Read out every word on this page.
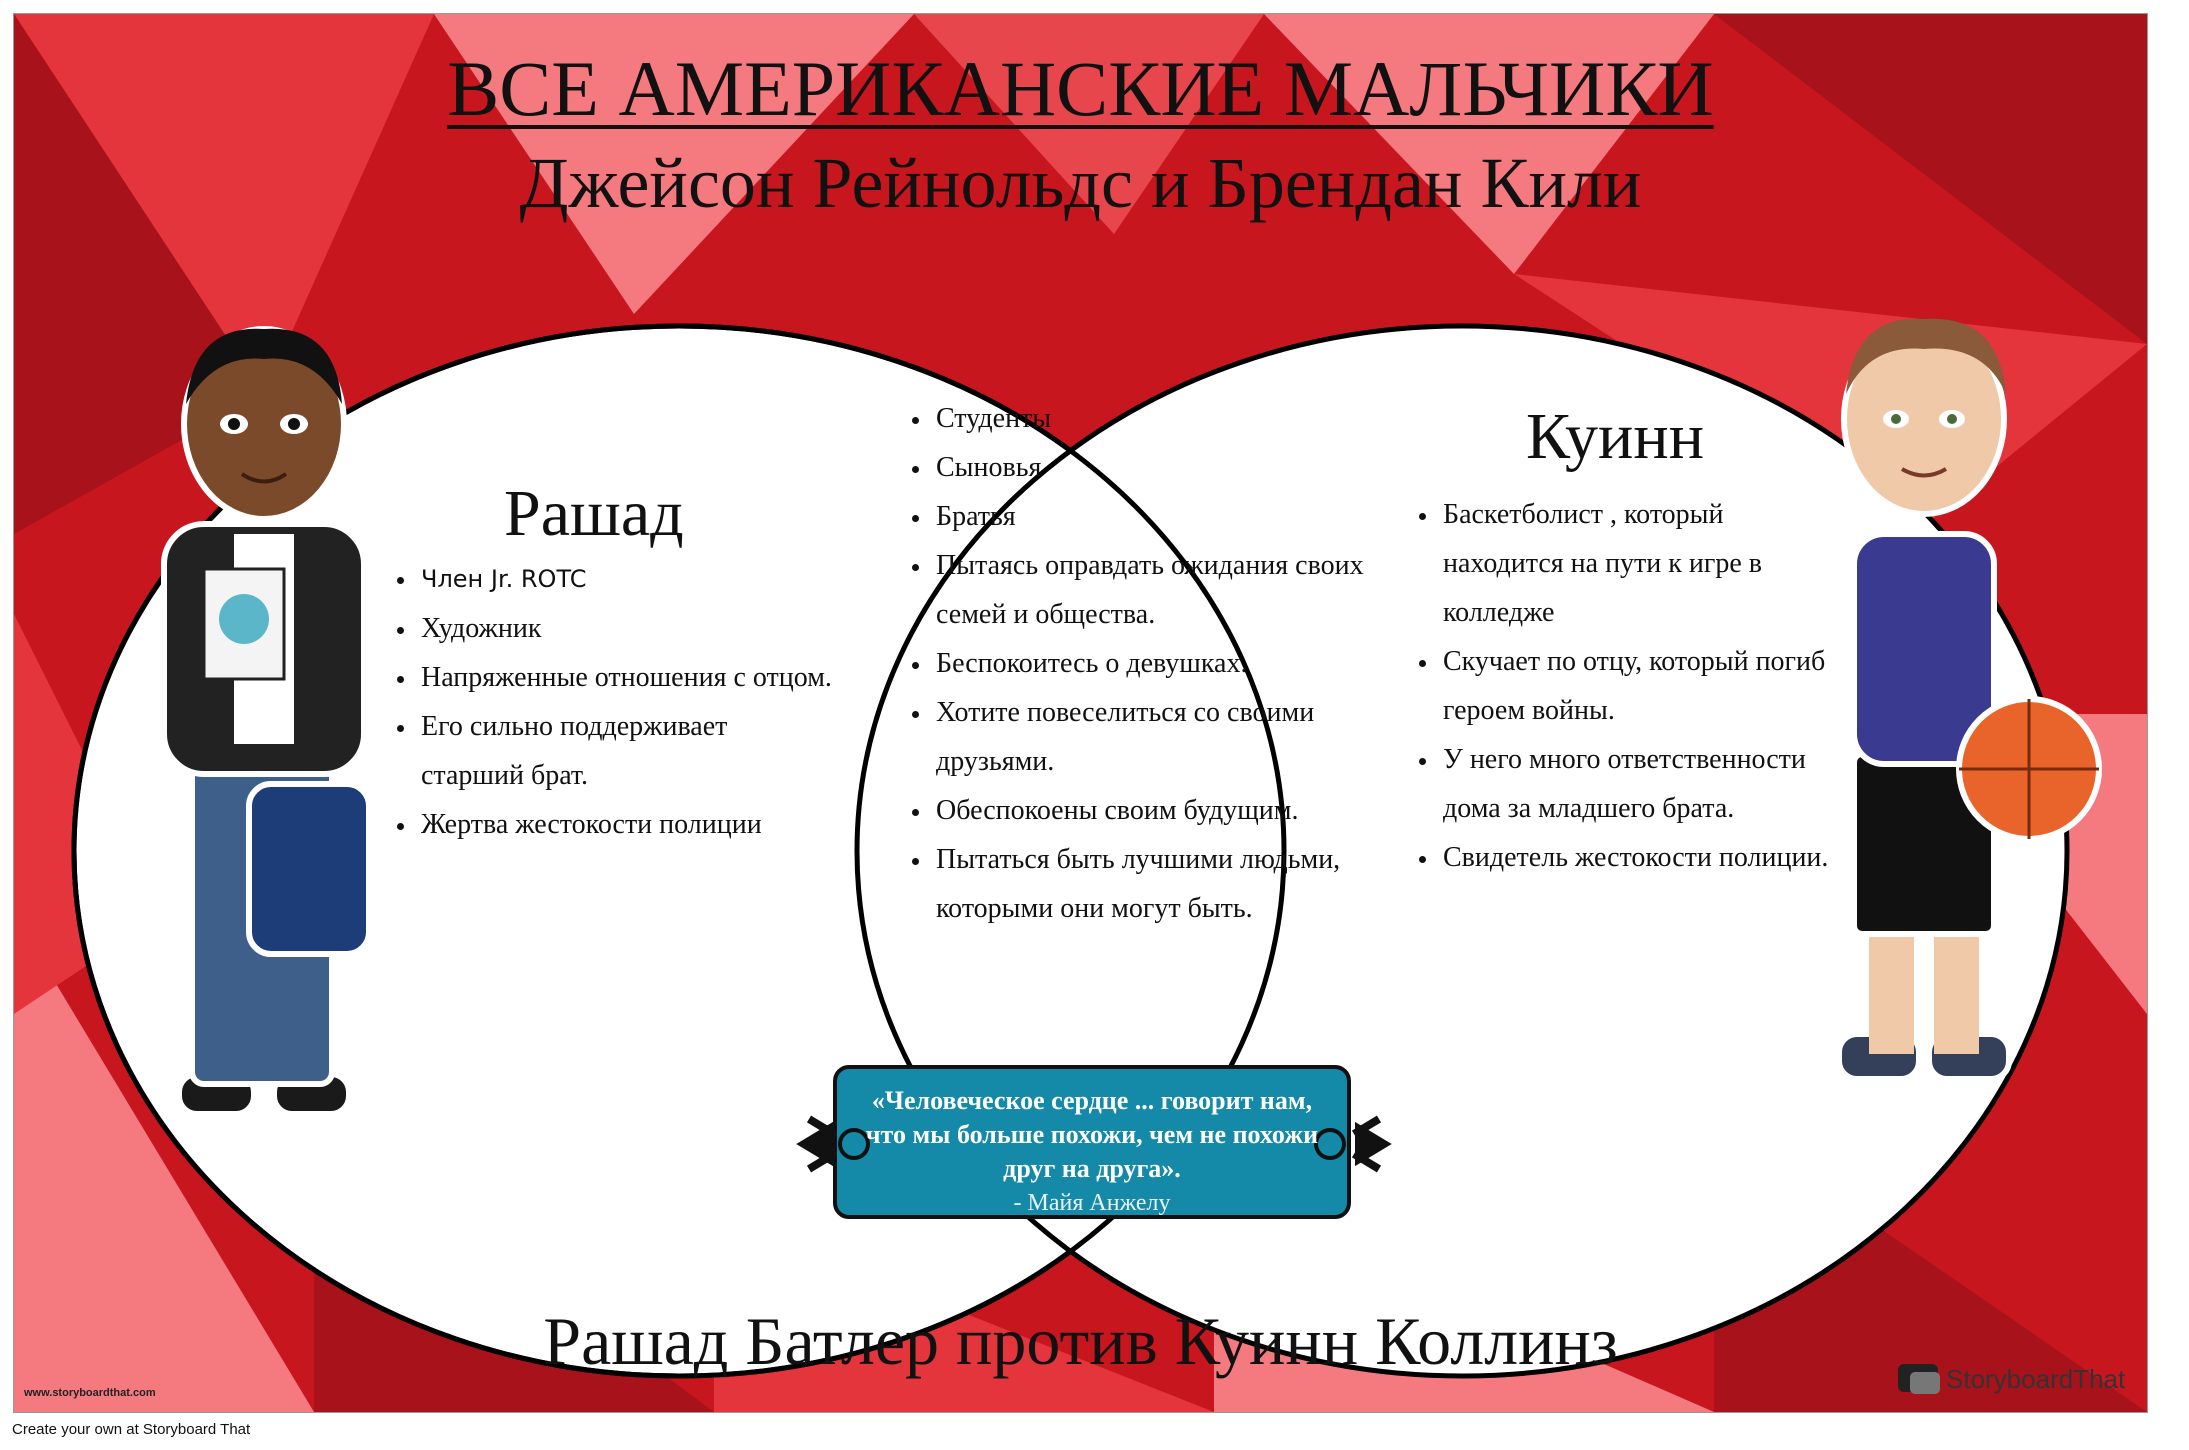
ВСЕ АМЕРИКАНСКИЕ МАЛЬЧИКИ
Джейсон Рейнольдс и Брендан Кили
Рашад
• Член Jr. ROTC
• Художник
• Напряженные отношения с отцом.
• Его сильно поддерживает старший брат.
• Жертва жестокости полиции
• Студенты
• Сыновья
• Братья
• Пытаясь оправдать ожидания своих семей и общества.
• Беспокоитесь о девушках.
• Хотите повеселиться со своими друзьями.
• Обеспокоены своим будущим.
• Пытаться быть лучшими людьми, которыми они могут быть.
Куинн
• Баскетболист , который находится на пути к игре в колледже
• Скучает по отцу, который погиб героем войны.
• У него много ответственности дома за младшего брата.
• Свидетель жестокости полиции.

«Человеческое сердце ... говорит нам, что мы больше похожи, чем не похожи друг на друга».

- Майя Анжелу

Рашад Батлер против Куинн Коллинз
www.storyboardthat.com	StoryboardThat
Create your own at Storyboard That
